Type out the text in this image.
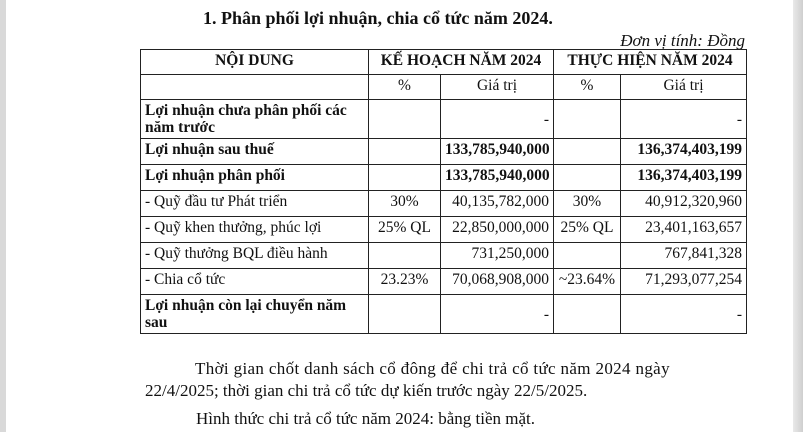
1. Phân phối lợi nhuận, chia cổ tức năm 2024.
Đơn vị tính: Đồng
NỘI DUNG	KẾ HOẠCH NĂM 2024		THỰC HIỆN NĂM 2024	
	%	Giá trị	%	Giá trị
Lợi nhuận chưa phân phối các năm trước		-		-
Lợi nhuận sau thuế		133,785,940,000		136,374,403,199
Lợi nhuận phân phối		133,785,940,000		136,374,403,199
- Quỹ đầu tư Phát triển	30%	40,135,782,000	30%	40,912,320,960
- Quỹ khen thưởng, phúc lợi	25% QL	22,850,000,000	25% QL	23,401,163,657
- Quỹ thưởng BQL điều hành		731,250,000		767,841,328
- Chia cổ tức	23.23%	70,068,908,000	~23.64%	71,293,077,254
Lợi nhuận còn lại chuyển năm sau		-		-
Thời gian chốt danh sách cổ đông để chi trả cổ tức năm 2024 ngày
22/4/2025; thời gian chi trả cổ tức dự kiến trước ngày 22/5/2025.
Hình thức chi trả cổ tức năm 2024: bằng tiền mặt.
